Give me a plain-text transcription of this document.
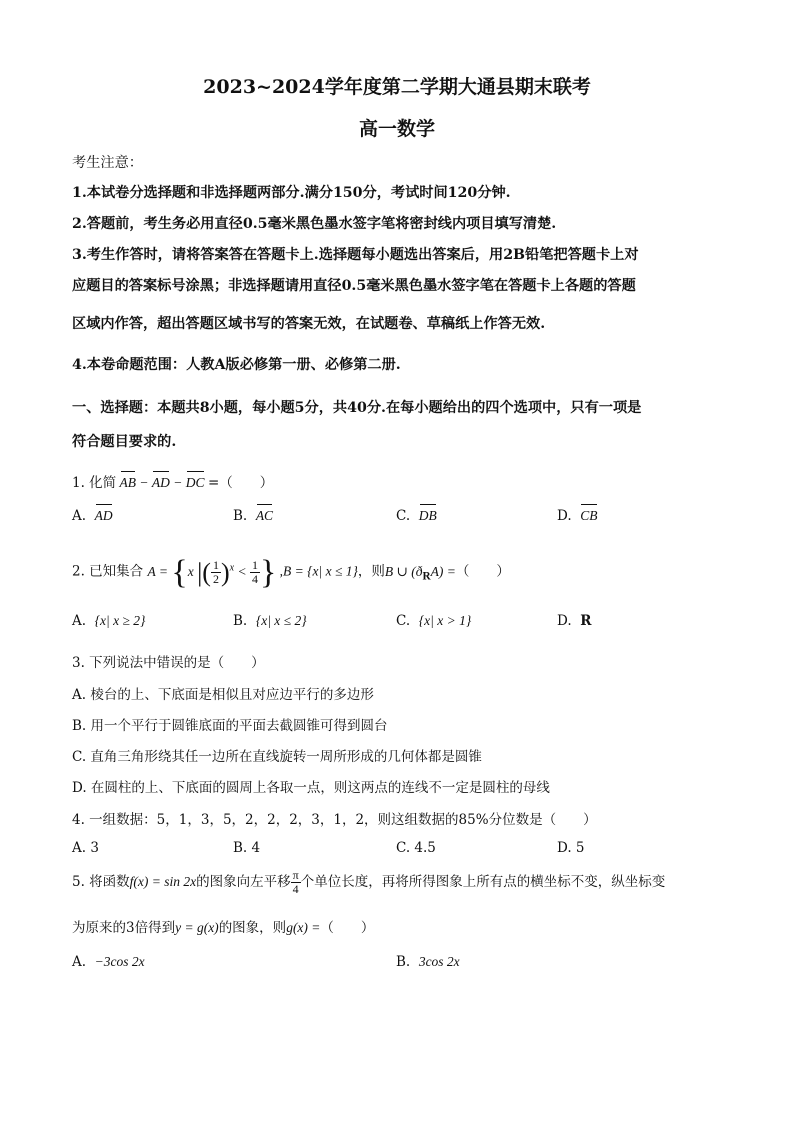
2023~2024学年度第二学期大通县期末联考
高一数学
考生注意：
1.本试卷分选择题和非选择题两部分.满分150分，考试时间120分钟.
2.答题前，考生务必用直径0.5毫米黑色墨水签字笔将密封线内项目填写清楚.
3.考生作答时，请将答案答在答题卡上.选择题每小题选出答案后，用2B铅笔把答题卡上对
应题目的答案标号涂黑；非选择题请用直径0.5毫米黑色墨水签字笔在答题卡上各题的答题
区域内作答，超出答题区域书写的答案无效，在试题卷、草稿纸上作答无效.
4.本卷命题范围：人教A版必修第一册、必修第二册.
一、选择题：本题共8小题，每小题5分，共40分.在每小题给出的四个选项中，只有一项是
符合题目要求的.
1. 化简 AB −
AD −
DC =（　　）
A. AD	B. AC	C. DB	D. CB
2. 已知集合 A = {x |( $\frac{1}{2} )^x < \frac{1}{4}$ } ,B = {x| x ≤ 1}，则B ∪ $(ð_RA)$ =（　　）
A. {x| x ≥ 2}	B. {x| x ≤ 2}	C. {x| x > 1}	D. R
3. 下列说法中错误的是（　　）
A. 棱台的上、下底面是相似且对应边平行的多边形
B. 用一个平行于圆锥底面的平面去截圆锥可得到圆台
C. 直角三角形绕其任一边所在直线旋转一周所形成的几何体都是圆锥
D. 在圆柱的上、下底面的圆周上各取一点，则这两点的连线不一定是圆柱的母线
4. 一组数据：5，1，3，5，2，2，2，3，1，2，则这组数据的85%分位数是（　　）
A. 3	B. 4	C. 4.5	D. 5
5. 将函数f(x) = sin 2x的图象向左平移 $\frac{\pi}{4}$ 个单位长度，再将所得图象上所有点的横坐标不变，纵坐标变
为原来的3倍得到y = g(x)的图象，则g(x) =（　　）
A. −3cos 2x	B. 3cos 2x
